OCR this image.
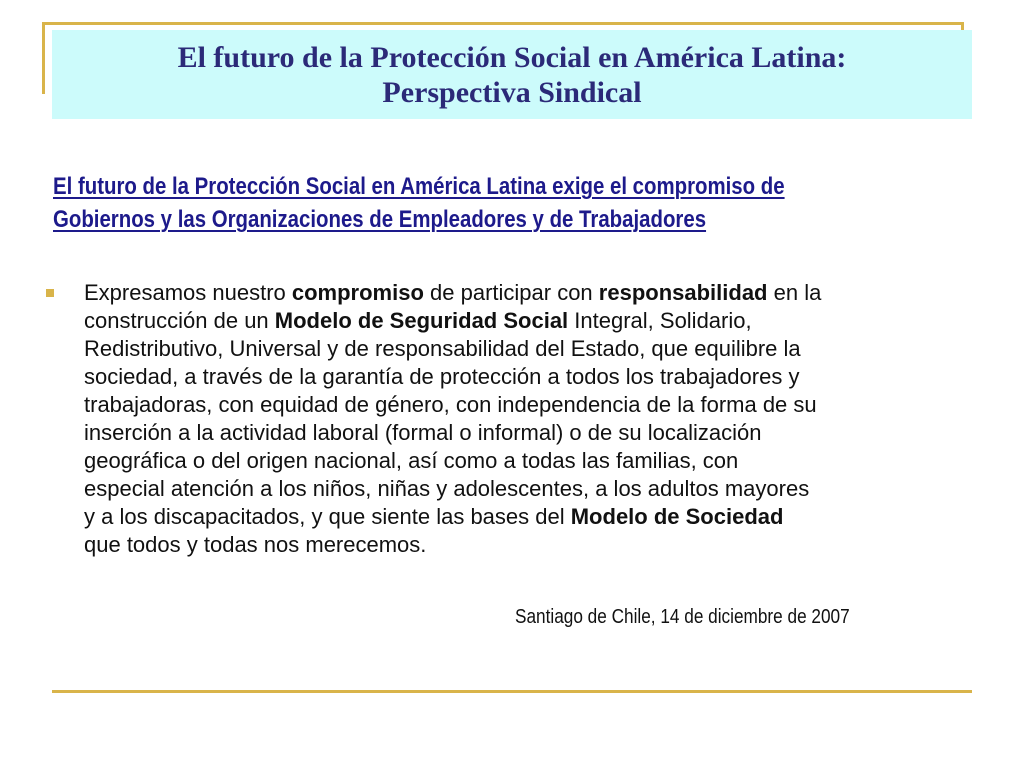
El futuro de la Protección Social en América Latina:
Perspectiva Sindical
El futuro de la Protección Social en América Latina exige el compromiso de
Gobiernos y las Organizaciones de Empleadores y de Trabajadores
Expresamos nuestro compromiso de participar con responsabilidad en la
construcción de un Modelo de Seguridad Social Integral, Solidario,
Redistributivo, Universal y de responsabilidad del Estado, que equilibre la
sociedad, a través de la garantía de protección a todos los trabajadores y
trabajadoras, con equidad de género, con independencia de la forma de su
inserción a la actividad laboral (formal o informal) o de su localización
geográfica o del origen nacional, así como a todas las familias, con
especial atención a los niños, niñas y adolescentes, a los adultos mayores
y a los discapacitados, y que siente las bases del Modelo de Sociedad
que todos y todas nos merecemos.
Santiago de Chile, 14 de diciembre de 2007
